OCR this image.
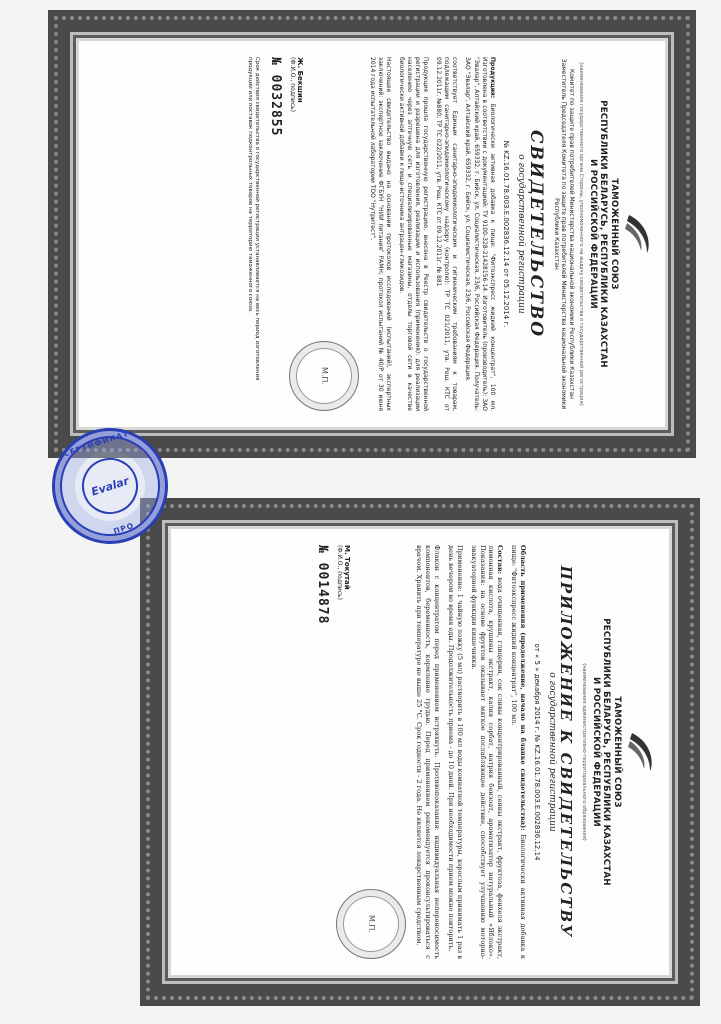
ТАМОЖЕННЫЙ СОЮЗ
РЕСПУБЛИКИ БЕЛАРУСЬ, РЕСПУБЛИКИ КАЗАХСТАН
И РОССИЙСКОЙ ФЕДЕРАЦИИ
(наименование государственного органа Стороны, уполномоченного на выдачу свидетельства о государственной регистрации)
Комитет по защите прав потребителей Министерства национальной экономики Республики Казахстан
Заместитель Председателя Комитета по защите прав потребителей Министерства национальной экономики Республики Казахстан
СВИДЕТЕЛЬСТВО
о государственной регистрации
№ KZ.16.01.78.003.E.002836.12.14 от 05.12.2014 г.

Продукция: Биологически активная добавка к пище: "Фитоэкспресс жидкий концентрат", 100 мл. Изготовлена в соответствии с документацией: ТУ 9100-328-21428156-14. Изготовитель (производитель): ЗАО "Эвалар", Алтайский край, 659332, г. Бийск, ул. Социалистическая, 23/6, Российская Федерация. Получатель: ЗАО "Эвалар", Алтайский край, 659332, г. Бийск, ул. Социалистическая, 23/6, Российская Федерация.

соответствует Единым санитарно-эпидемиологическим и гигиеническим требованиям к товарам, подлежащим санитарно-эпидемиологическому надзору (контролю): ТР ТС 021/2011, утв. Реш. КТС от 09.12.2011г. №880; ТР ТС 022/2011, утв. Реш. КТС от 09.12.2011г. № 881

Продукция прошла государственную регистрацию, внесена в Реестр свидетельств о государственной регистрации и разрешена для изготовления, реализации и использования (применения): для реализации населению через аптечную сеть и специализированные магазины, отделы торговой сети в качестве биологически активной добавки к пище-источника антрацен-гликозидов.

Настоящее свидетельство выдано на основании протоколов исследований (испытаний), экспертных заключений: экспертное заключение ФГБУН "НИИ питания" РАМН; протокол испытаний № 40/Р от 30 июня 2014 года испытательной лаборатории ТОО "Нутритест".

Ж. Бекшин
(Ф.И.О., подпись)
М.П.
№ 0032855
Срок действия свидетельства о государственной регистрации устанавливается на весь период изготовления продукции или поставок подконтрольных товаров на территорию таможенного союза.
ТАМОЖЕННЫЙ СОЮЗ
РЕСПУБЛИКИ БЕЛАРУСЬ, РЕСПУБЛИКИ КАЗАХСТАН
И РОССИЙСКОЙ ФЕДЕРАЦИИ
(наименование административно-территориального образования)
ПРИЛОЖЕНИЕ К СВИДЕТЕЛЬСТВУ
о государственной регистрации
от « 5 » декабря 2014 г. № KZ.16.01.78.003.E.002836.12.14

Область применения (продолжение, начало на бланке свидетельства): Биологически активная добавка к пище: "Фитоэкспресс жидкий концентрат", 100 мл.

Состав: вода очищенная, глицерин, сок сливы концентрированный, сенны экстракт, фруктоза, фенхеля экстракт, лимонная кислота, крушины экстракт, калия сорбат, натрия бензоат, ароматизатор натуральный «Яблоко». Показания: на основе фруктов оказывает мягкое послабляющее действие, способствует улучшению моторно-эвакуаторной функции кишечника.

Применение: 1 чайную ложку (5 мл) растворить в 100 мл воды комнатной температуры, взрослым принимать 1 раз в день вечером во время еды. Продолжительность приема - до 10 дней. При необходимости прием можно повторить.

Флакон с концентратом перед применением встряхнуть. Противопоказания: индивидуальная непереносимость компонентов, беременность, кормление грудью. Перед применением рекомендуется проконсультироваться с врачом. Хранить при температуре не выше 25 °С. Срок годности - 2 года. Не является лекарственным средством.

М. Токутай
(Ф.И.О., подпись)
М.П.
№ 0014878
СЕРТИФИКАТ
Evalar
ПРО
